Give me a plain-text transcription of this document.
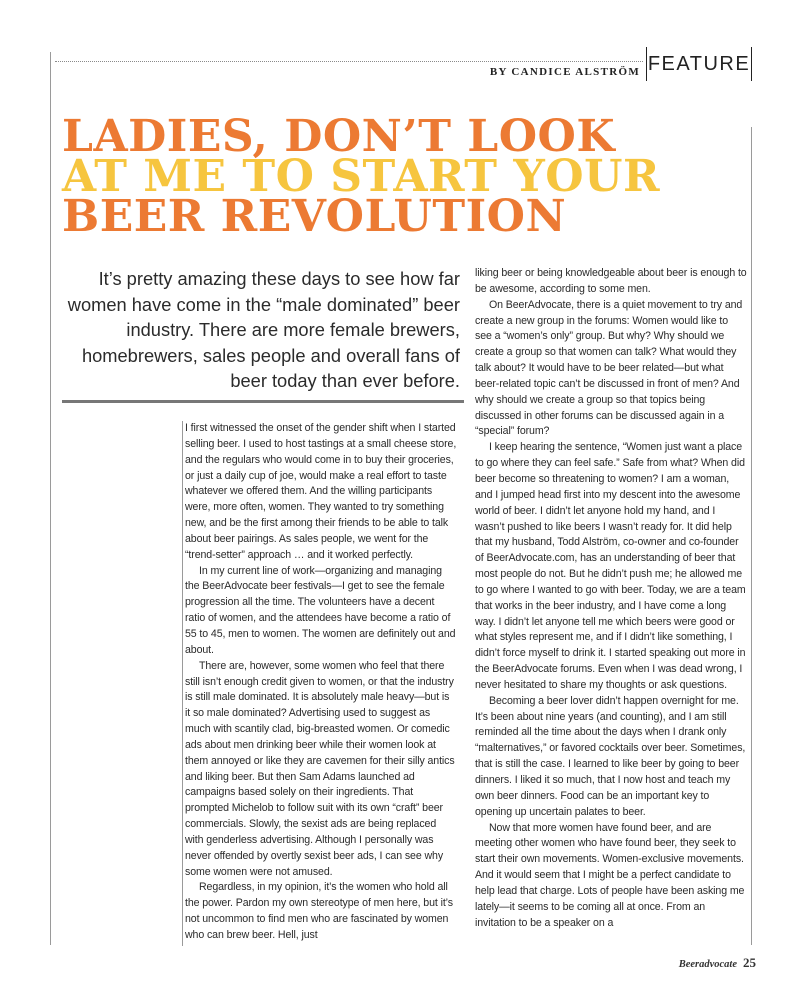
FEATURE
BY CANDICE ALSTRÖM
LADIES, DON’T LOOK
AT ME TO START YOUR
BEER REVOLUTION
It’s pretty amazing these days to see how far women have come in the “male dominated” beer industry. There are more female brewers, homebrewers, sales people and overall fans of beer today than ever before.

I first witnessed the onset of the gender shift when I started selling beer. I used to host tastings at a small cheese store, and the regulars who would come in to buy their groceries, or just a daily cup of joe, would make a real effort to taste whatever we offered them. And the willing participants were, more often, women. They wanted to try something new, and be the first among their friends to be able to talk about beer pairings. As sales people, we went for the “trend-setter” approach … and it worked perfectly.

In my current line of work—organizing and managing the BeerAdvocate beer festivals—I get to see the female progression all the time. The volunteers have a decent ratio of women, and the attendees have become a ratio of 55 to 45, men to women. The women are definitely out and about.

There are, however, some women who feel that there still isn’t enough credit given to women, or that the industry is still male dominated. It is absolutely male heavy—but is it so male dominated? Advertising used to suggest as much with scantily clad, big-breasted women. Or comedic ads about men drinking beer while their women look at them annoyed or like they are cavemen for their silly antics and liking beer. But then Sam Adams launched ad campaigns based solely on their ingredients. That prompted Michelob to follow suit with its own “craft” beer commercials. Slowly, the sexist ads are being replaced with genderless advertising. Although I personally was never offended by overtly sexist beer ads, I can see why some women were not amused.

Regardless, in my opinion, it’s the women who hold all the power. Pardon my own stereotype of men here, but it’s not uncommon to find men who are fascinated by women who can brew beer. Hell, just

liking beer or being knowledgeable about beer is enough to be awesome, according to some men.

On BeerAdvocate, there is a quiet movement to try and create a new group in the forums: Women would like to see a “women’s only” group. But why? Why should we create a group so that women can talk? What would they talk about? It would have to be beer related—but what beer-related topic can’t be discussed in front of men? And why should we create a group so that topics being discussed in other forums can be discussed again in a “special” forum?

I keep hearing the sentence, “Women just want a place to go where they can feel safe.” Safe from what? When did beer become so threatening to women? I am a woman, and I jumped head first into my descent into the awesome world of beer. I didn’t let anyone hold my hand, and I wasn’t pushed to like beers I wasn’t ready for. It did help that my husband, Todd Alström, co-owner and co-founder of BeerAdvocate.com, has an understanding of beer that most people do not. But he didn’t push me; he allowed me to go where I wanted to go with beer. Today, we are a team that works in the beer industry, and I have come a long way. I didn’t let anyone tell me which beers were good or what styles represent me, and if I didn’t like something, I didn’t force myself to drink it. I started speaking out more in the BeerAdvocate forums. Even when I was dead wrong, I never hesitated to share my thoughts or ask questions.

Becoming a beer lover didn’t happen overnight for me. It’s been about nine years (and counting), and I am still reminded all the time about the days when I drank only “malternatives,” or favored cocktails over beer. Sometimes, that is still the case. I learned to like beer by going to beer dinners. I liked it so much, that I now host and teach my own beer dinners. Food can be an important key to opening up uncertain palates to beer.

Now that more women have found beer, and are meeting other women who have found beer, they seek to start their own movements. Women-exclusive movements. And it would seem that I might be a perfect candidate to help lead that charge. Lots of people have been asking me lately—it seems to be coming all at once. From an invitation to be a speaker on a

Beeradvocate 25
